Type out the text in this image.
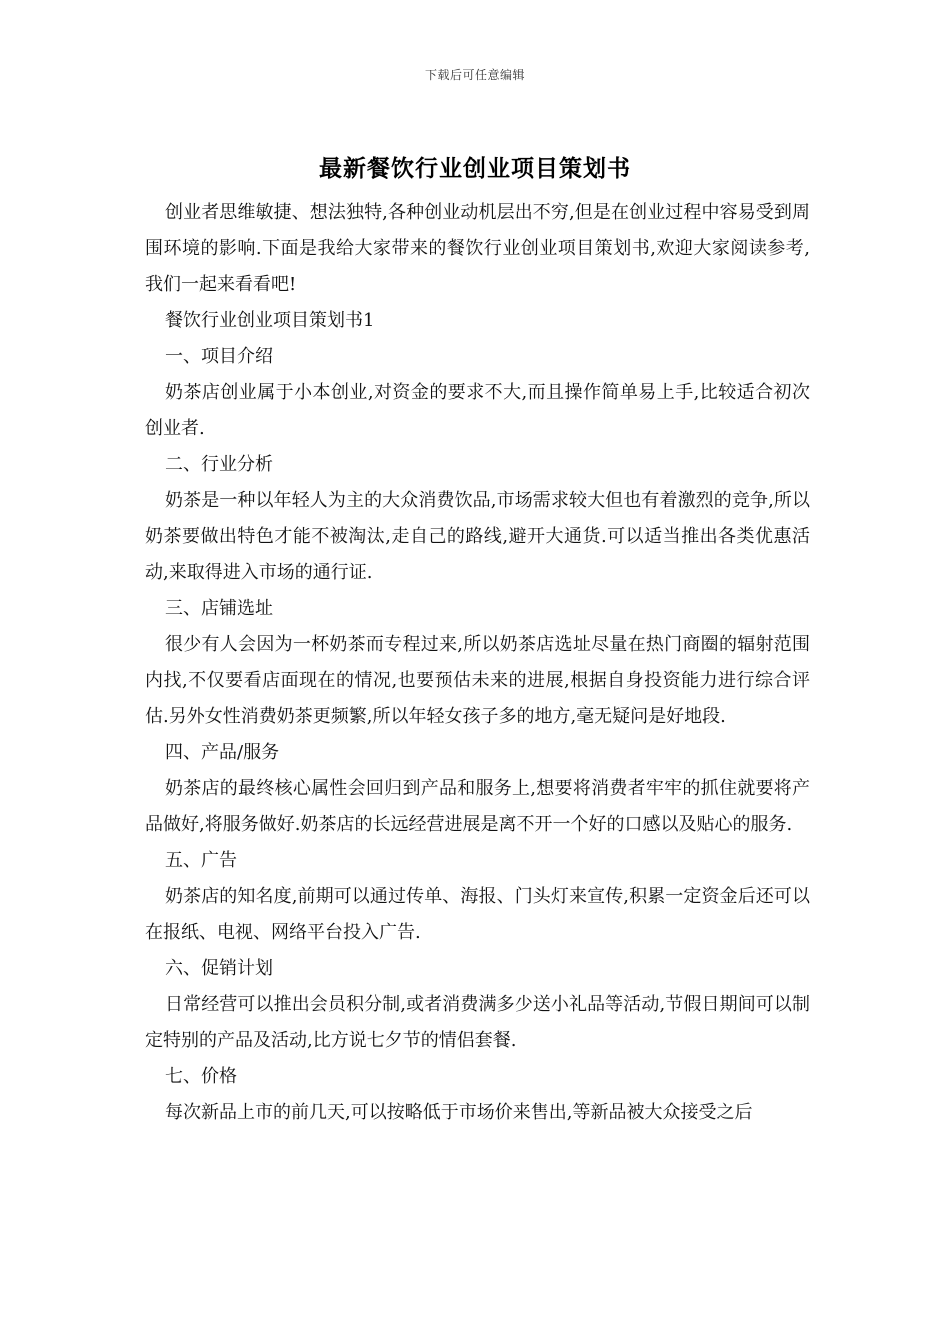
下载后可任意编辑
最新餐饮行业创业项目策划书

创业者思维敏捷、想法独特,各种创业动机层出不穷,但是在创业过程中容易受到周围环境的影响.下面是我给大家带来的餐饮行业创业项目策划书,欢迎大家阅读参考,我们一起来看看吧!

餐饮行业创业项目策划书1

一、项目介绍

奶茶店创业属于小本创业,对资金的要求不大,而且操作简单易上手,比较适合初次创业者.

二、行业分析

奶茶是一种以年轻人为主的大众消费饮品,市场需求较大但也有着激烈的竞争,所以奶茶要做出特色才能不被淘汰,走自己的路线,避开大通货.可以适当推出各类优惠活动,来取得进入市场的通行证.

三、店铺选址

很少有人会因为一杯奶茶而专程过来,所以奶茶店选址尽量在热门商圈的辐射范围内找,不仅要看店面现在的情况,也要预估未来的进展,根据自身投资能力进行综合评估.另外女性消费奶茶更频繁,所以年轻女孩子多的地方,毫无疑问是好地段.

四、产品/服务

奶茶店的最终核心属性会回归到产品和服务上,想要将消费者牢牢的抓住就要将产品做好,将服务做好.奶茶店的长远经营进展是离不开一个好的口感以及贴心的服务.

五、广告

奶茶店的知名度,前期可以通过传单、海报、门头灯来宣传,积累一定资金后还可以在报纸、电视、网络平台投入广告.

六、促销计划

日常经营可以推出会员积分制,或者消费满多少送小礼品等活动,节假日期间可以制定特别的产品及活动,比方说七夕节的情侣套餐.

七、价格

每次新品上市的前几天,可以按略低于市场价来售出,等新品被大众接受之后
